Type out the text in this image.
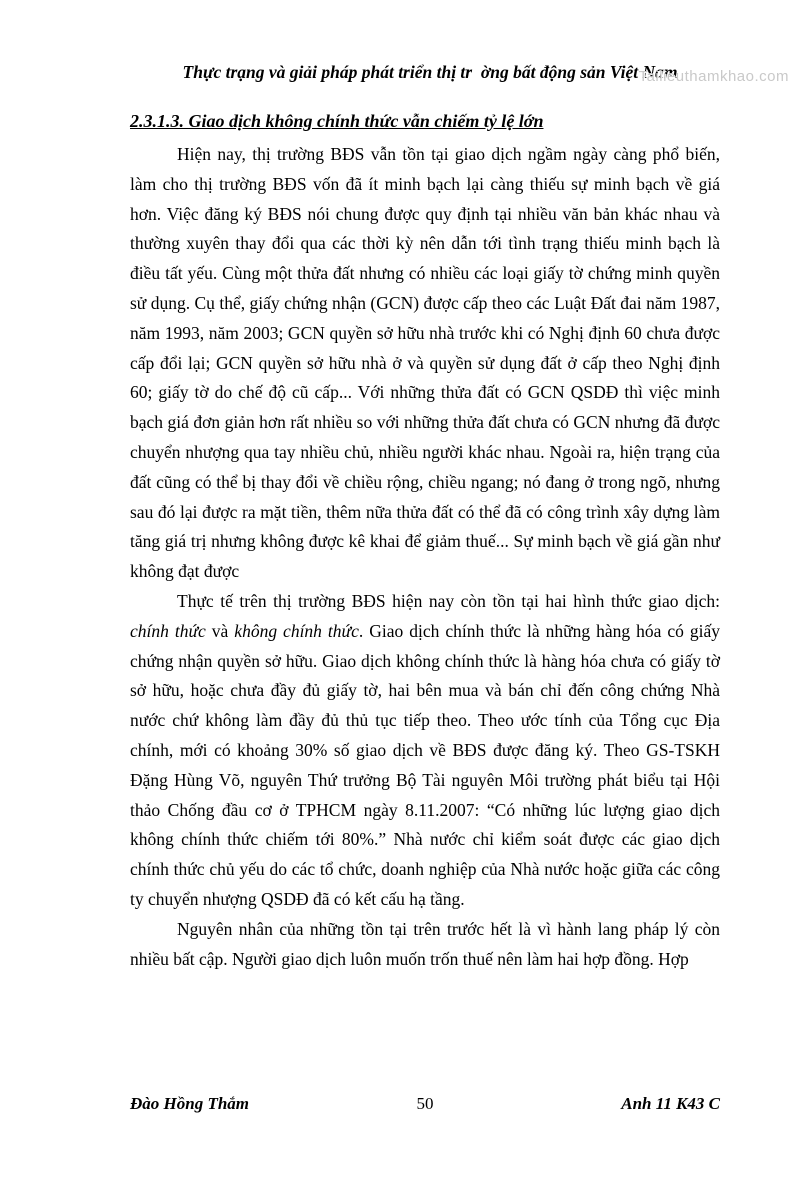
Tailieuthamkhao.com
Thực trạng và giải pháp phát triển thị tr  ờng bất động sản Việt Nam
2.3.1.3. Giao dịch không chính thức vẫn chiếm tỷ lệ lớn

Hiện nay, thị trường BĐS vẫn tồn tại giao dịch ngầm ngày càng phổ biến, làm cho thị trường BĐS vốn đã ít minh bạch lại càng thiếu sự minh bạch về giá hơn. Việc đăng ký BĐS nói chung được quy định tại nhiều văn bản khác nhau và thường xuyên thay đổi qua các thời kỳ nên dẫn tới tình trạng thiếu minh bạch là điều tất yếu. Cùng một thửa đất nhưng có nhiều các loại giấy tờ chứng minh quyền sử dụng. Cụ thể, giấy chứng nhận (GCN) được cấp theo các Luật Đất đai năm 1987, năm 1993, năm 2003; GCN quyền sở hữu nhà trước khi có Nghị định 60 chưa được cấp đổi lại; GCN quyền sở hữu nhà ở và quyền sử dụng đất ở cấp theo Nghị định 60; giấy tờ do chế độ cũ cấp... Với những thửa đất có GCN QSDĐ thì việc minh bạch giá đơn giản hơn rất nhiều so với những thửa đất chưa có GCN nhưng đã được chuyển nhượng qua tay nhiều chủ, nhiều người khác nhau. Ngoài ra, hiện trạng của đất cũng có thể bị thay đổi về chiều rộng, chiều ngang; nó đang ở trong ngõ, nhưng sau đó lại được ra mặt tiền, thêm nữa thửa đất có thể đã có công trình xây dựng làm tăng giá trị nhưng không được kê khai để giảm thuế... Sự minh bạch về giá gần như không đạt được

Thực tế trên thị trường BĐS hiện nay còn tồn tại hai hình thức giao dịch: chính thức và không chính thức. Giao dịch chính thức là những hàng hóa có giấy chứng nhận quyền sở hữu. Giao dịch không chính thức là hàng hóa chưa có giấy tờ sở hữu, hoặc chưa đầy đủ giấy tờ, hai bên mua và bán chỉ đến công chứng Nhà nước chứ không làm đầy đủ thủ tục tiếp theo. Theo ước tính của Tổng cục Địa chính, mới có khoảng 30% số giao dịch về BĐS được đăng ký. Theo GS-TSKH Đặng Hùng Võ, nguyên Thứ trưởng Bộ Tài nguyên Môi trường phát biểu tại Hội thảo Chống đầu cơ ở TPHCM ngày 8.11.2007: “Có những lúc lượng giao dịch không chính thức chiếm tới 80%.” Nhà nước chỉ kiểm soát được các giao dịch chính thức chủ yếu do các tổ chức, doanh nghiệp của Nhà nước hoặc giữa các công ty chuyển nhượng QSDĐ đã có kết cấu hạ tầng.

Nguyên nhân của những tồn tại trên trước hết là vì hành lang pháp lý còn nhiều bất cập. Người giao dịch luôn muốn trốn thuế nên làm hai hợp đồng. Hợp

Đào Hồng Thắm	50	Anh 11 K43 C
